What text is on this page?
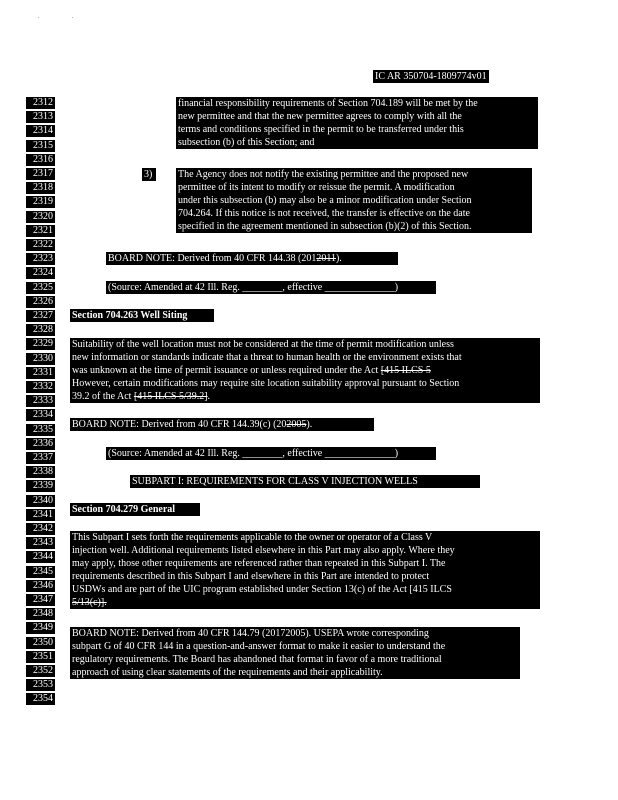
.	.
IC AR 350704-1809774v01
2312
2313
2314
2315
2316
2317
2318
2319
2320
2321
2322
2323
2324
2325
2326
2327
2328
2329
2330
2331
2332
2333
2334
2335
2336
2337
2338
2339
2340
2341
2342
2343
2344
2345
2346
2347
2348
2349
2350
2351
2352
2353
2354
financial responsibility requirements of Section 704.189 will be met by the
new permittee and that the new permittee agrees to comply with all the
terms and conditions specified in the permit to be transferred under this
subsection (b) of this Section; and
3)	The Agency does not notify the existing permittee and the proposed new
permittee of its intent to modify or reissue the permit. A modification
under this subsection (b) may also be a minor modification under Section
704.264. If this notice is not received, the transfer is effective on the date
specified in the agreement mentioned in subsection (b)(2) of this Section.
BOARD NOTE: Derived from 40 CFR 144.38 (2012011).
(Source: Amended at 42 Ill. Reg. ________, effective ______________)
Section 704.263 Well Siting
Suitability of the well location must not be considered at the time of permit modification unless
new information or standards indicate that a threat to human health or the environment exists that
was unknown at the time of permit issuance or unless required under the Act [415 ILCS 5
However, certain modifications may require site location suitability approval pursuant to Section
39.2 of the Act [415 ILCS 5/39.2].
BOARD NOTE: Derived from 40 CFR 144.39(c) (202005).
(Source: Amended at 42 Ill. Reg. ________, effective ______________)
SUBPART I: REQUIREMENTS FOR CLASS V INJECTION WELLS
Section 704.279 General
This Subpart I sets forth the requirements applicable to the owner or operator of a Class V
injection well. Additional requirements listed elsewhere in this Part may also apply. Where they
may apply, those other requirements are referenced rather than repeated in this Subpart I. The
requirements described in this Subpart I and elsewhere in this Part are intended to protect
USDWs and are part of the UIC program established under Section 13(c) of the Act [415 ILCS
5/13(c)].
BOARD NOTE: Derived from 40 CFR 144.79 (20172005). USEPA wrote corresponding
subpart G of 40 CFR 144 in a question-and-answer format to make it easier to understand the
regulatory requirements. The Board has abandoned that format in favor of a more traditional
approach of using clear statements of the requirements and their applicability.
